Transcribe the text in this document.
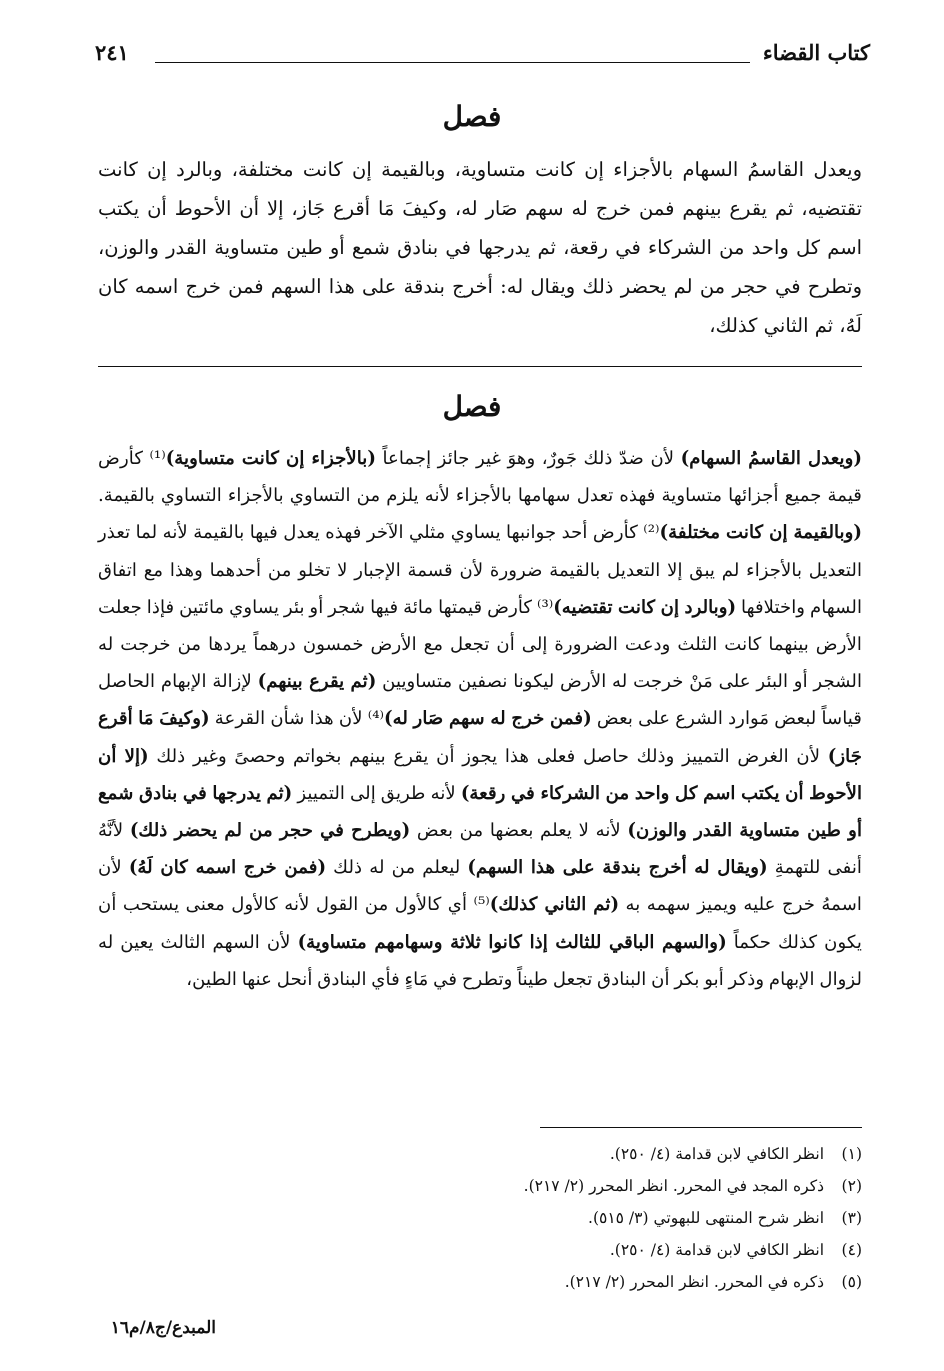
كتاب القضاء
٢٤١
فصل
ويعدل القاسمُ السهام بالأجزاء إن كانت متساوية، وبالقيمة إن كانت مختلفة، وبالرد إن كانت تقتضيه، ثم يقرع بينهم فمن خرج له سهم صَار له، وكيفَ مَا أقرع جَاز، إلا أن الأحوط أن يكتب اسم كل واحد من الشركاء في رقعة، ثم يدرجها في بنادق شمع أو طين متساوية القدر والوزن، وتطرح في حجر من لم يحضر ذلك ويقال له: أخرج بندقة على هذا السهم فمن خرج اسمه كان لَهُ، ثم الثاني كذلك،
فصل
(ويعدل القاسمُ السهام) لأن ضدّ ذلك جَورٌ، وهوَ غير جائز إجماعاً (بالأجزاء إن كانت متساوية)⁽¹⁾ كأرض قيمة جميع أجزائها متساوية فهذه تعدل سهامها بالأجزاء لأنه يلزم من التساوي بالأجزاء التساوي بالقيمة. (وبالقيمة إن كانت مختلفة)⁽²⁾ كأرض أحد جوانبها يساوي مثلي الآخر فهذه يعدل فيها بالقيمة لأنه لما تعذر التعديل بالأجزاء لم يبق إلا التعديل بالقيمة ضرورة لأن قسمة الإجبار لا تخلو من أحدهما وهذا مع اتفاق السهام واختلافها (وبالرد إن كانت تقتضيه)⁽³⁾ كأرض قيمتها مائة فيها شجر أو بئر يساوي مائتين فإذا جعلت الأرض بينهما كانت الثلث ودعت الضرورة إلى أن تجعل مع الأرض خمسون درهماً يردها من خرجت له الشجر أو البئر على مَنْ خرجت له الأرض ليكونا نصفين متساويين (ثم يقرع بينهم) لإزالة الإبهام الحاصل قياساً لبعض مَوارد الشرع على بعض (فمن خرج له سهم صَار له)⁽⁴⁾ لأن هذا شأن القرعة (وكيفَ مَا أقرع جَاز) لأن الغرض التمييز وذلك حاصل فعلى هذا يجوز أن يقرع بينهم بخواتم وحصىً وغير ذلك (إلا أن الأحوط أن يكتب اسم كل واحد من الشركاء في رقعة) لأنه طريق إلى التمييز (ثم يدرجها في بنادق شمع أو طين متساوية القدر والوزن) لأنه لا يعلم بعضها من بعض (ويطرح في حجر من لم يحضر ذلك) لأنَّهُ أنفى للتهمةِ (ويقال له أخرج بندقة على هذا السهم) ليعلم من له ذلك (فمن خرج اسمه كان لَهُ) لأن اسمهُ خرج عليه ويميز سهمه به (ثم الثاني كذلك)⁽⁵⁾ أي كالأول من القول لأنه كالأول معنى يستحب أن يكون كذلك حكماً (والسهم الباقي للثالث إذا كانوا ثلاثة وسهامهم متساوية) لأن السهم الثالث يعين له لزوال الإبهام وذكر أبو بكر أن البنادق تجعل طيناً وتطرح في مَاءٍ فأي البنادق أنحل عنها الطين،
(١)انظر الكافي لابن قدامة (٤/ ٢٥٠).
(٢)ذكره المجد في المحرر. انظر المحرر (٢/ ٢١٧).
(٣)انظر شرح المنتهى للبهوتي (٣/ ٥١٥).
(٤)انظر الكافي لابن قدامة (٤/ ٢٥٠).
(٥)ذكره في المحرر. انظر المحرر (٢/ ٢١٧).
المبدع/ج٨/م١٦
